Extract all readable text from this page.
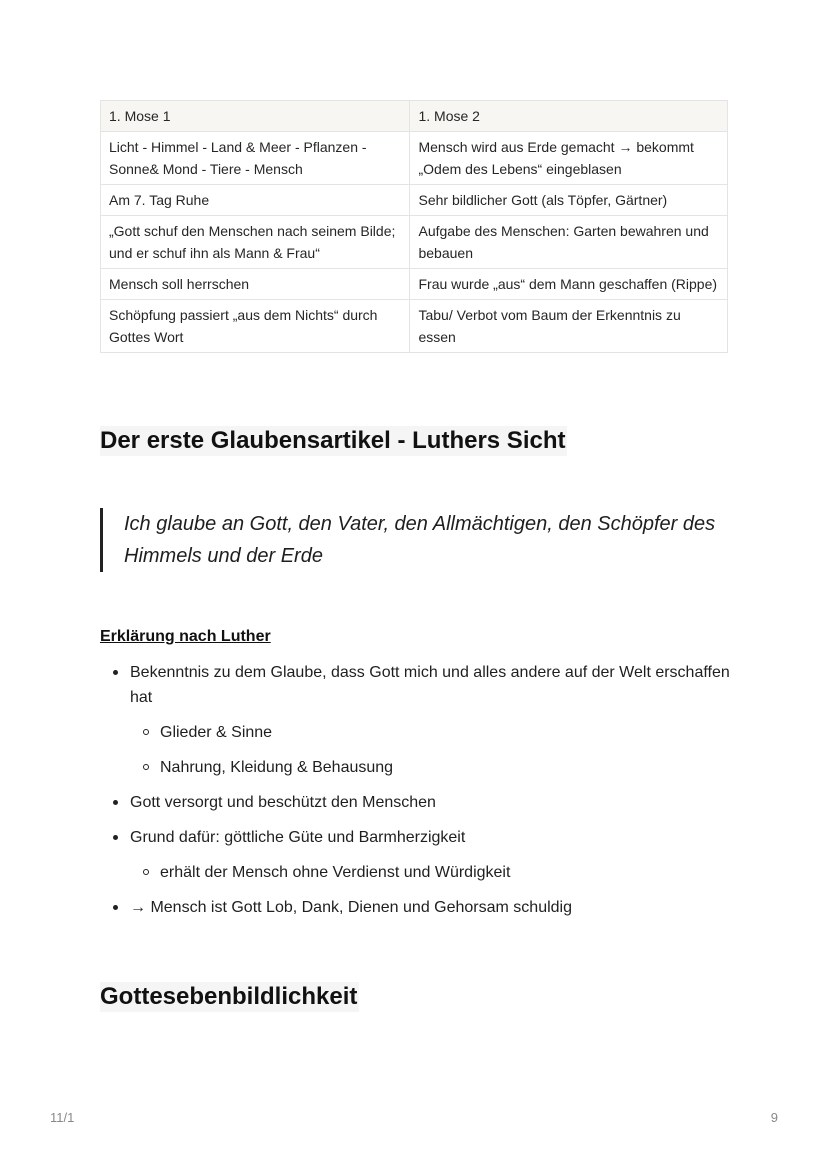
1. Mose 1	1. Mose 2
Licht - Himmel - Land & Meer - Pflanzen - Sonne& Mond - Tiere - Mensch	Mensch wird aus Erde gemacht → bekommt „Odem des Lebens“ eingeblasen
Am 7. Tag Ruhe	Sehr bildlicher Gott (als Töpfer, Gärtner)
„Gott schuf den Menschen nach seinem Bilde; und er schuf ihn als Mann & Frau“	Aufgabe des Menschen: Garten bewahren und bebauen
Mensch soll herrschen	Frau wurde „aus“ dem Mann geschaffen (Rippe)
Schöpfung passiert „aus dem Nichts“ durch Gottes Wort	Tabu/ Verbot vom Baum der Erkenntnis zu essen
Der erste Glaubensartikel - Luthers Sicht
Ich glaube an Gott, den Vater, den Allmächtigen, den Schöpfer des Himmels und der Erde
Erklärung nach Luther
Bekenntnis zu dem Glaube, dass Gott mich und alles andere auf der Welt erschaffen hat
Glieder & Sinne
Nahrung, Kleidung & Behausung
Gott versorgt und beschützt den Menschen
Grund dafür: göttliche Güte und Barmherzigkeit
erhält der Mensch ohne Verdienst und Würdigkeit
→ Mensch ist Gott Lob, Dank, Dienen und Gehorsam schuldig
Gottesebenbildlichkeit
11/1	9
